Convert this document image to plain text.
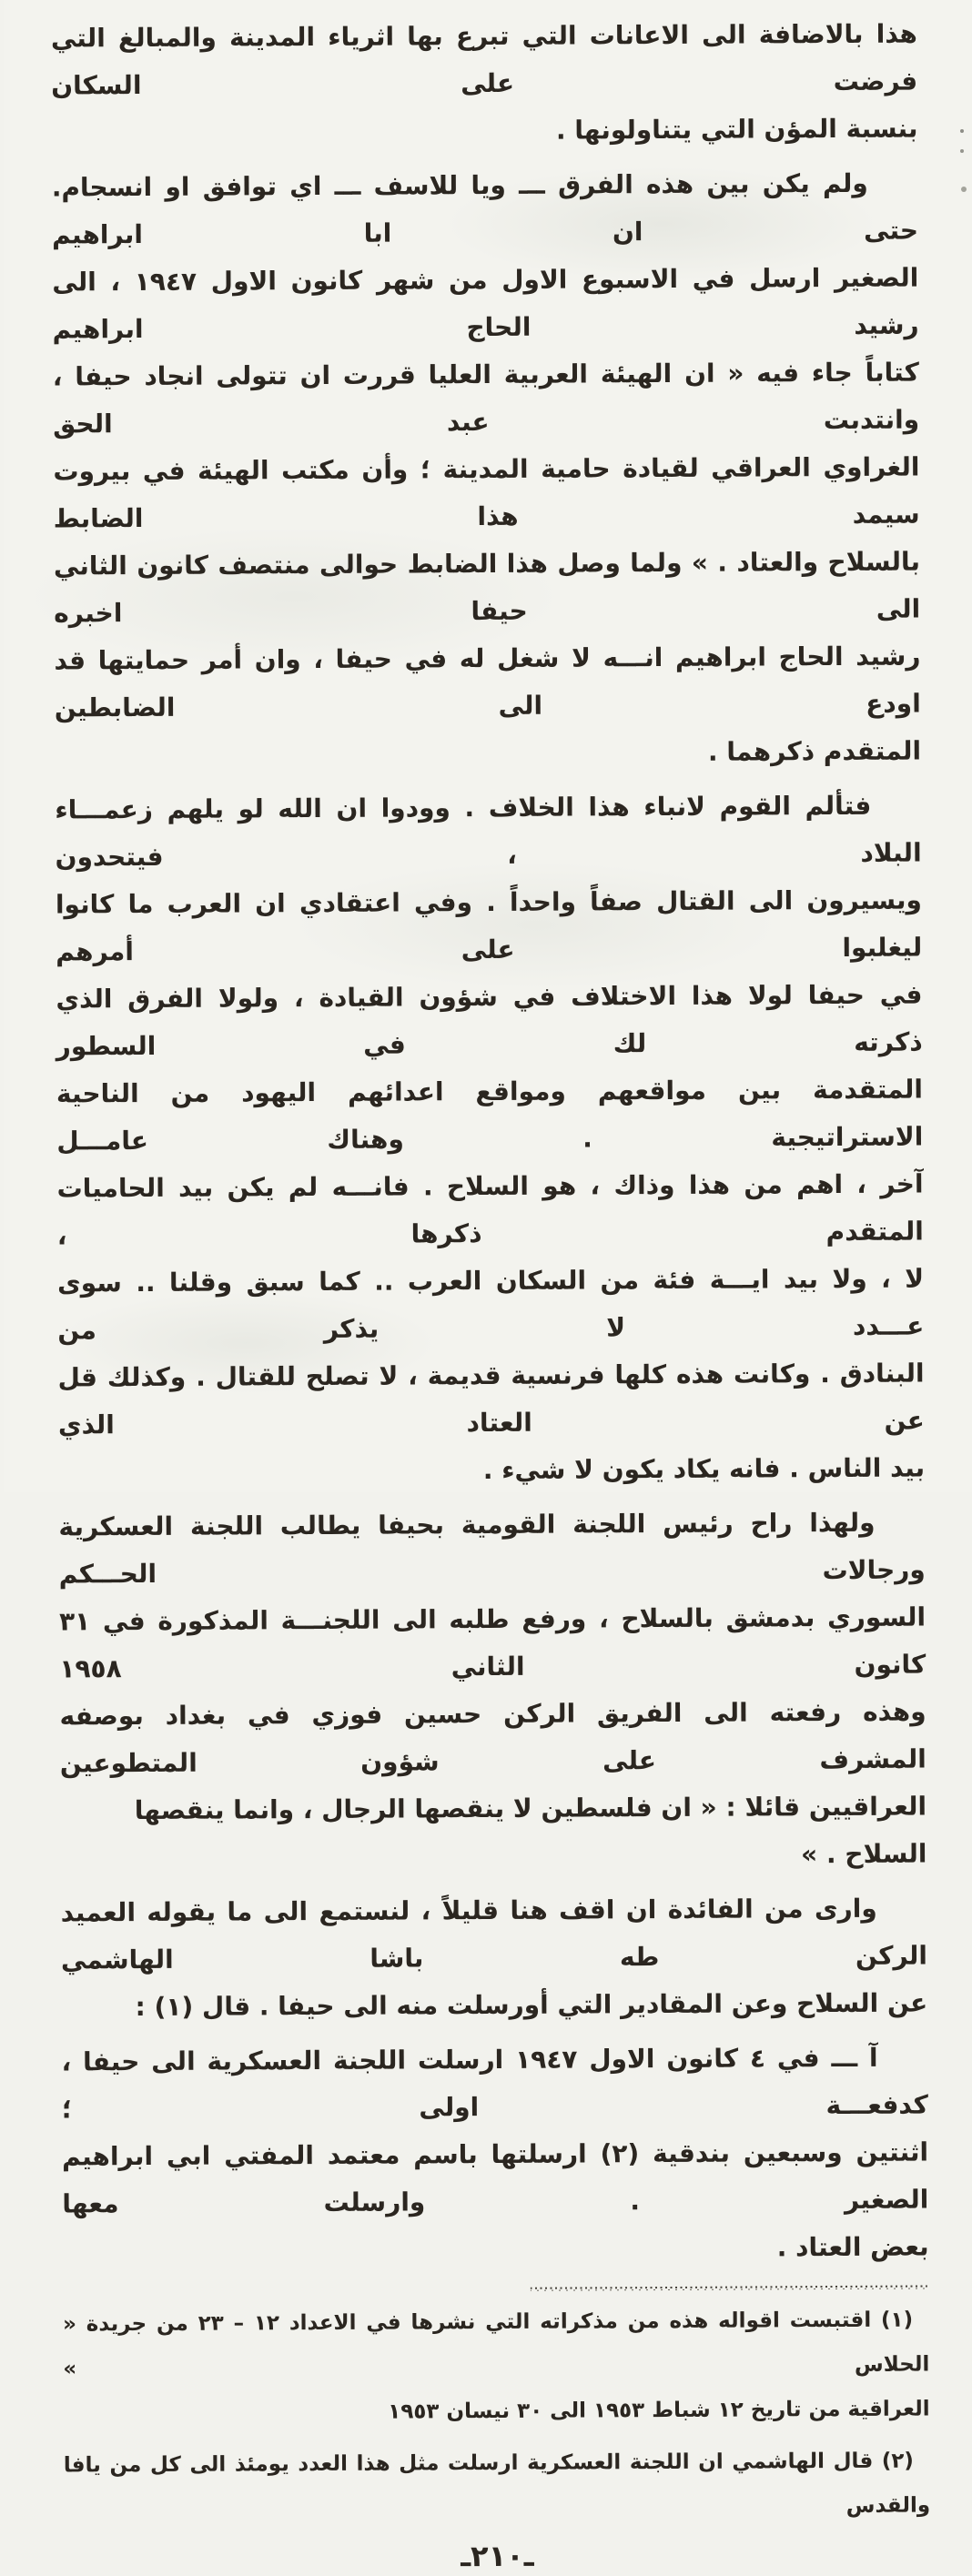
هذا بالاضافة الى الاعانات التي تبرع بها اثرياء المدينة والمبالغ التي فرضت على السكان
بنسبة المؤن التي يتناولونها .
ولم يكن بين هذه الفرق ـــ ويا للاسف ـــ اي توافق او انسجام. حتى ان ابا ابراهيم
الصغير ارسل في الاسبوع الاول من شهر كانون الاول ١٩٤٧ ، الى رشيد الحاج ابراهيم
كتاباً جاء فيه « ان الهيئة العربية العليا قررت ان تتولى انجاد حيفا ، وانتدبت عبد الحق
الغراوي العراقي لقيادة حامية المدينة ؛ وأن مكتب الهيئة في بيروت سيمد هذا الضابط
بالسلاح والعتاد . » ولما وصل هذا الضابط حوالى منتصف كانون الثاني الى حيفا اخبره
رشيد الحاج ابراهيم انـــه لا شغل له في حيفا ، وان أمر حمايتها قد اودع الى الضابطين
المتقدم ذكرهما .
فتألم القوم لانباء هذا الخلاف . وودوا ان الله لو يلهم زعمـــاء البلاد ، فيتحدون
ويسيرون الى القتال صفاً واحداً . وفي اعتقادي ان العرب ما كانوا ليغلبوا على أمرهم
في حيفا لولا هذا الاختلاف في شؤون القيادة ، ولولا الفرق الذي ذكرته لك في السطور
المتقدمة بين مواقعهم ومواقع اعدائهم اليهود من الناحية الاستراتيجية . وهناك عامـــل
آخر ، اهم من هذا وذاك ، هو السلاح . فانـــه لم يكن بيد الحاميات المتقدم ذكرها ،
لا ، ولا بيد ايـــة فئة من السكان العرب .. كما سبق وقلنا .. سوى عـــدد لا يذكر من
البنادق . وكانت هذه كلها فرنسية قديمة ، لا تصلح للقتال . وكذلك قل عن العتاد الذي
بيد الناس . فانه يكاد يكون لا شيء .
ولهذا راح رئيس اللجنة القومية بحيفا يطالب اللجنة العسكرية ورجالات الحـــكم
السوري بدمشق بالسلاح ، ورفع طلبه الى اللجنـــة المذكورة في ٣١ كانون الثاني ١٩٥٨
وهذه رفعته الى الفريق الركن حسين فوزي في بغداد بوصفه المشرف على شؤون المتطوعين
العراقيين قائلا : « ان فلسطين لا ينقصها الرجال ، وانما ينقصها السلاح . »
وارى من الفائدة ان اقف هنا قليلاً ، لنستمع الى ما يقوله العميد الركن طه باشا الهاشمي
عن السلاح وعن المقادير التي أورسلت منه الى حيفا . قال (١) :
آ ـــ في ٤ كانون الاول ١٩٤٧ ارسلت اللجنة العسكرية الى حيفا ، كدفعـــة اولى ؛
اثنتين وسبعين بندقية (٢) ارسلتها باسم معتمد المفتي ابي ابراهيم الصغير . وارسلت معها
بعض العتاد .
(١) اقتبست اقواله هذه من مذكراته التي نشرها في الاعداد ١٢ – ٢٣ من جريدة « الحلاس »
العراقية من تاريخ ١٢ شباط ١٩٥٣ الى ٣٠ نيسان ١٩٥٣
(٢) قال الهاشمي ان اللجنة العسكرية ارسلت مثل هذا العدد يومئذ الى كل من يافا والقدس
ـ٢١٠ـ
